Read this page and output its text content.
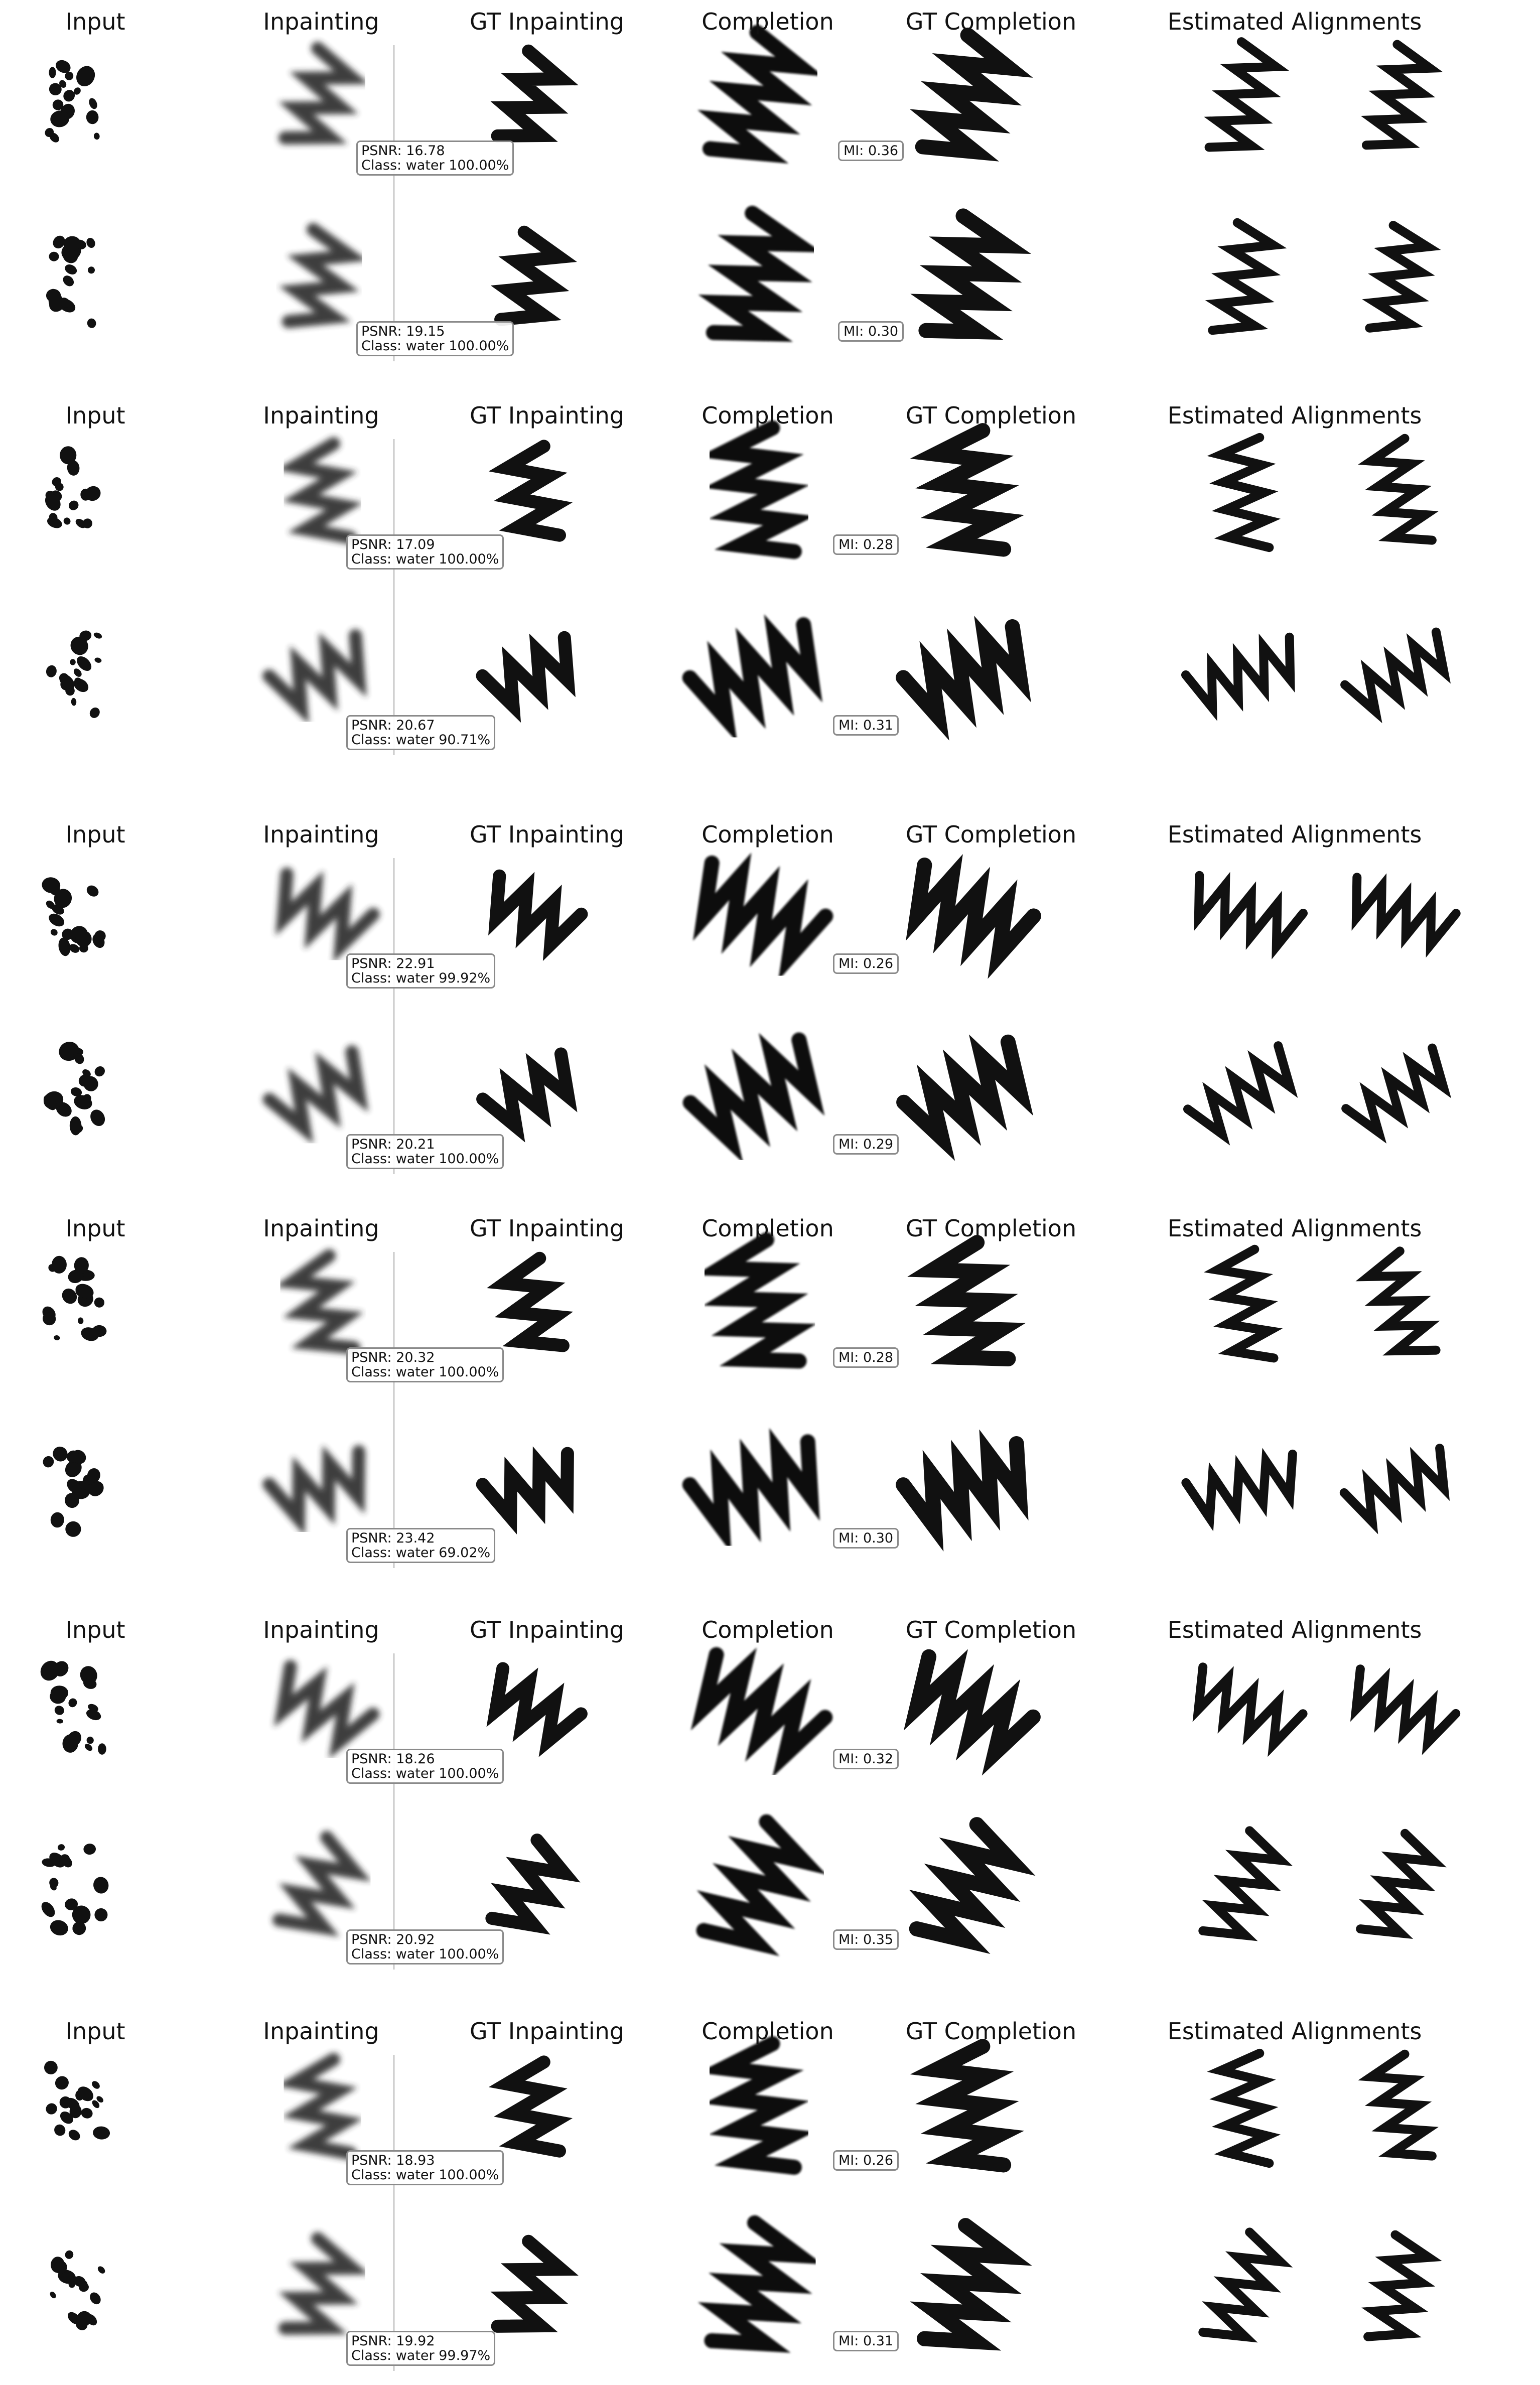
Input	Inpainting	GT Inpainting	Completion	GT Completion	Estimated Alignments
PSNR: 16.78
Class: water 100.00%
MI: 0.36
PSNR: 19.15
Class: water 100.00%
MI: 0.30
Input	Inpainting	GT Inpainting	Completion	GT Completion	Estimated Alignments
PSNR: 17.09
Class: water 100.00%
MI: 0.28
PSNR: 20.67
Class: water 90.71%
MI: 0.31
Input	Inpainting	GT Inpainting	Completion	GT Completion	Estimated Alignments
PSNR: 22.91
Class: water 99.92%
MI: 0.26
PSNR: 20.21
Class: water 100.00%
MI: 0.29
Input	Inpainting	GT Inpainting	Completion	GT Completion	Estimated Alignments
PSNR: 20.32
Class: water 100.00%
MI: 0.28
PSNR: 23.42
Class: water 69.02%
MI: 0.30
Input	Inpainting	GT Inpainting	Completion	GT Completion	Estimated Alignments
PSNR: 18.26
Class: water 100.00%
MI: 0.32
PSNR: 20.92
Class: water 100.00%
MI: 0.35
Input	Inpainting	GT Inpainting	Completion	GT Completion	Estimated Alignments
PSNR: 18.93
Class: water 100.00%
MI: 0.26
PSNR: 19.92
Class: water 99.97%
MI: 0.31
